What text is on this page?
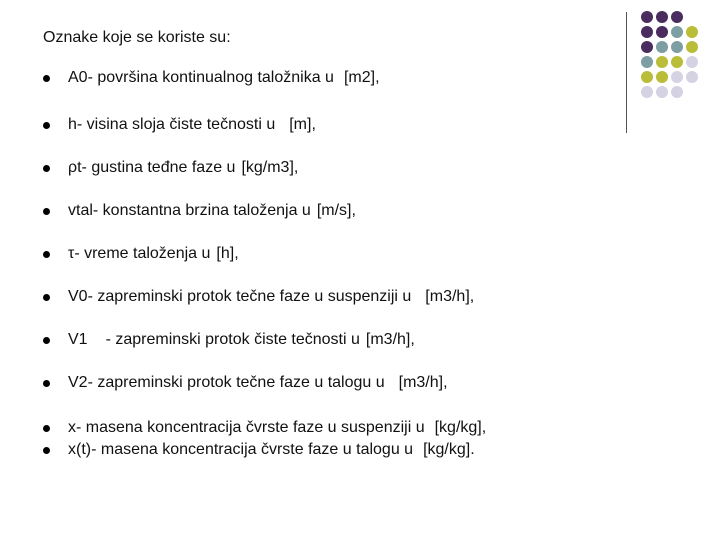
Oznake koje se koriste su:
A0 - površina kontinualnog taložnika u [m2] ,
h - visina sloja čiste tečnosti u [m] ,
ρt - gustina teđne faze u [kg/m3] ,
vtal - konstantna brzina taloženja u [m/s] ,
τ - vreme taloženja u [h] ,
V0 - zapreminski protok tečne faze u suspenziji u [m3/h] ,
V1 - zapreminski protok čiste tečnosti u [m3/h] ,
V2 - zapreminski protok tečne faze u talogu u [m3/h] ,
x - masena koncentracija čvrste faze u suspenziji u [kg/kg] ,
x(t) - masena koncentracija čvrste faze u talogu u [kg/kg] .
